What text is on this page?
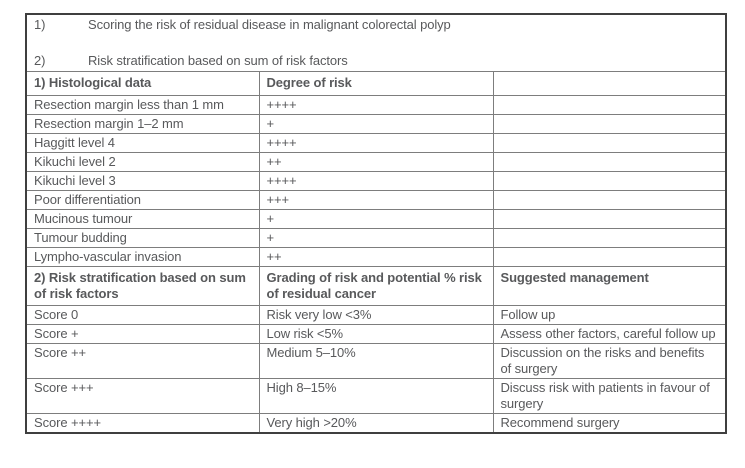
1) Scoring the risk of residual disease in malignant colorectal polyp
2) Risk stratification based on sum of risk factors		

1) Histological data	Degree of risk	
Resection margin less than 1 mm	++++	
Resection margin 1–2 mm	+	
Haggitt level 4	++++	
Kikuchi level 2	++	
Kikuchi level 3	++++	
Poor differentiation	+++	
Mucinous tumour	+	
Tumour budding	+	
Lympho-vascular invasion	++	
2) Risk stratification based on sum of risk factors	Grading of risk and potential % risk of residual cancer	Suggested management
Score 0	Risk very low <3%	Follow up
Score +	Low risk <5%	Assess other factors, careful follow up
Score ++	Medium 5–10%	Discussion on the risks and benefits of surgery
Score +++	High 8–15%	Discuss risk with patients in favour of surgery
Score ++++	Very high >20%	Recommend surgery
